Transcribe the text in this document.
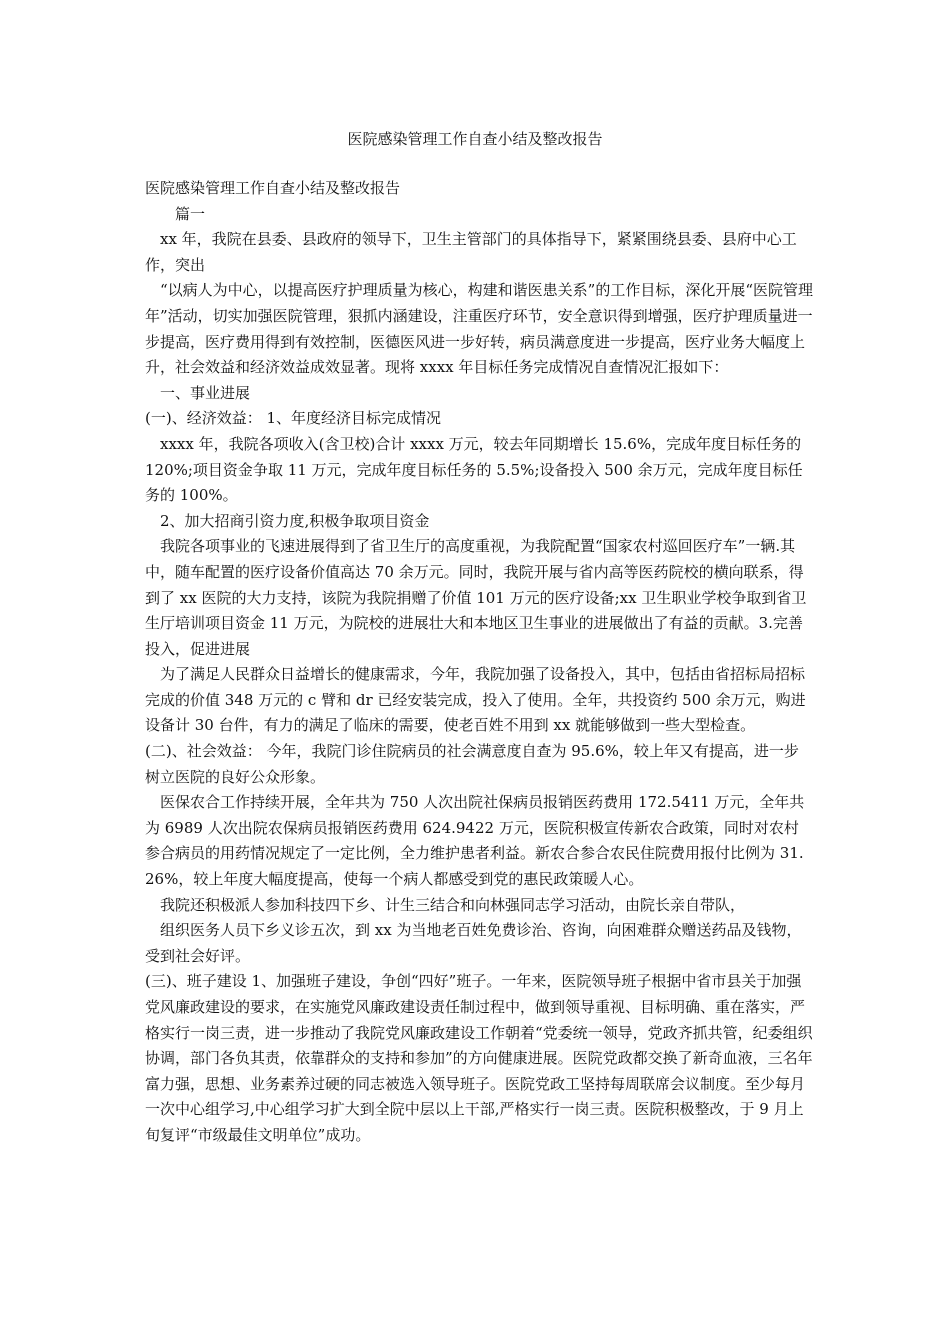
医院感染管理工作自查小结及整改报告

医院感染管理工作自查小结及整改报告

篇一

xx 年，我院在县委、县政府的领导下，卫生主管部门的具体指导下，紧紧围绕县委、县府中心工作，突出

“以病人为中心，以提高医疗护理质量为核心，构建和谐医患关系”的工作目标，深化开展“医院管理年”活动，切实加强医院管理，狠抓内涵建设，注重医疗环节，安全意识得到增强，医疗护理质量进一步提高，医疗费用得到有效控制，医德医风进一步好转，病员满意度进一步提高，医疗业务大幅度上升，社会效益和经济效益成效显著。现将 xxxx 年目标任务完成情况自查情况汇报如下：

一、事业进展

(一)、经济效益： 1、年度经济目标完成情况

xxxx 年，我院各项收入(含卫校)合计 xxxx 万元，较去年同期增长 15.6%，完成年度目标任务的 120%;项目资金争取 11 万元，完成年度目标任务的 5.5%;设备投入 500 余万元，完成年度目标任务的 100%。

2、加大招商引资力度,积极争取项目资金

我院各项事业的飞速进展得到了省卫生厅的高度重视，为我院配置“国家农村巡回医疗车”一辆.其中，随车配置的医疗设备价值高达 70 余万元。同时，我院开展与省内高等医药院校的横向联系，得到了 xx 医院的大力支持，该院为我院捐赠了价值 101 万元的医疗设备;xx 卫生职业学校争取到省卫生厅培训项目资金 11 万元，为院校的进展壮大和本地区卫生事业的进展做出了有益的贡献。3.完善投入，促进进展

为了满足人民群众日益增长的健康需求，今年，我院加强了设备投入，其中，包括由省招标局招标完成的价值 348 万元的 c 臂和 dr 已经安装完成，投入了使用。全年，共投资约 500 余万元，购进设备计 30 台件，有力的满足了临床的需要，使老百姓不用到 xx 就能够做到一些大型检查。

(二)、社会效益： 今年，我院门诊住院病员的社会满意度自查为 95.6%，较上年又有提高，进一步树立医院的良好公众形象。

医保农合工作持续开展，全年共为 750 人次出院社保病员报销医药费用 172.5411 万元，全年共为 6989 人次出院农保病员报销医药费用 624.9422 万元，医院积极宣传新农合政策，同时对农村参合病员的用药情况规定了一定比例，全力维护患者利益。新农合参合农民住院费用报付比例为 31.26%，较上年度大幅度提高，使每一个病人都感受到党的惠民政策暖人心。

我院还积极派人参加科技四下乡、计生三结合和向林强同志学习活动，由院长亲自带队，

组织医务人员下乡义诊五次，到 xx 为当地老百姓免费诊治、咨询，向困难群众赠送药品及钱物，受到社会好评。

(三)、班子建设 1、加强班子建设，争创“四好”班子。一年来，医院领导班子根据中省市县关于加强党风廉政建设的要求，在实施党风廉政建设责任制过程中，做到领导重视、目标明确、重在落实，严格实行一岗三责，进一步推动了我院党风廉政建设工作朝着“党委统一领导，党政齐抓共管，纪委组织协调，部门各负其责，依靠群众的支持和参加”的方向健康进展。医院党政都交换了新奇血液，三名年富力强，思想、业务素养过硬的同志被选入领导班子。医院党政工坚持每周联席会议制度。至少每月一次中心组学习,中心组学习扩大到全院中层以上干部,严格实行一岗三责。医院积极整改，于 9 月上旬复评“市级最佳文明单位”成功。
